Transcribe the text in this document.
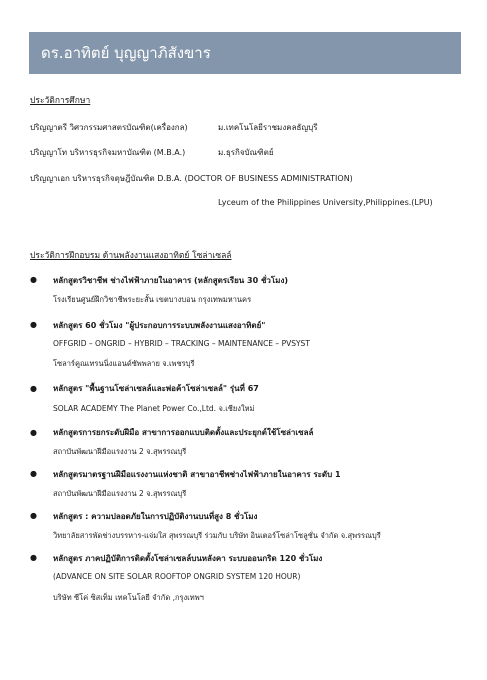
ดร.อาทิตย์ บุญญาภิสังขาร
ประวัติการศึกษา
ปริญญาตรี วิศวกรรมศาสตรบัณฑิต(เครื่องกล)	ม.เทคโนโลยีราชมงคลธัญบุรี
ปริญญาโท บริหารธุรกิจมหาบัณฑิต (M.B.A.)	ม.ธุรกิจบัณฑิตย์
ปริญญาเอก บริหารธุรกิจดุษฎีบัณฑิต D.B.A. (DOCTOR OF BUSINESS ADMINISTRATION)
Lyceum of the Philippines University,Philippines.(LPU)
ประวัติการฝึกอบรม ด้านพลังงานแสงอาทิตย์ โซล่าเซลล์
● หลักสูตรวิชาชีพ ช่างไฟฟ้าภายในอาคาร (หลักสูตรเรียน 30 ชั่วโมง)
โรงเรียนศูนย์ฝึกวิชาชีพระยะสั้น เขตบางบอน กรุงเทพมหานคร
● หลักสูตร 60 ชั่วโมง "ผู้ประกอบการระบบพลังงานแสงอาทิตย์"
OFFGRID – ONGRID – HYBRID – TRACKING – MAINTENANCE – PVSYST
โซลาร์คูณเทรนนิ่งแอนด์ซัพพลาย จ.เพชรบุรี
● หลักสูตร "พื้นฐานโซล่าเซลล์และพ่อค้าโซล่าเซลล์" รุ่นที่ 67
SOLAR ACADEMY The Planet Power Co.,Ltd. จ.เชียงใหม่
● หลักสูตรการยกระดับฝีมือ สาขาการออกแบบติดตั้งและประยุกต์ใช้โซล่าเซลล์
สถาบันพัฒนาฝีมือแรงงาน 2 จ.สุพรรณบุรี
● หลักสูตรมาตรฐานฝีมือแรงงานแห่งชาติ สาขาอาชีพช่างไฟฟ้าภายในอาคาร ระดับ 1
สถาบันพัฒนาฝีมือแรงงาน 2 จ.สุพรรณบุรี
● หลักสูตร : ความปลอดภัยในการปฏิบัติงานบนที่สูง 8 ชั่วโมง
วิทยาลัยสารพัดช่างบรรหาร-แจ่มใส สุพรรณบุรี ร่วมกับ บริษัท อินเตอร์โซล่าโซลูชั่น จำกัด จ.สุพรรณบุรี
● หลักสูตร ภาคปฏิบัติการติดตั้งโซล่าเซลล์บนหลังคา ระบบออนกริด 120 ชั่วโมง
(ADVANCE ON SITE SOLAR ROOFTOP ONGRID SYSTEM 120 HOUR)
บริษัท ซีโค่ ซิสเท็ม เทคโนโลยี จำกัด ,กรุงเทพฯ
